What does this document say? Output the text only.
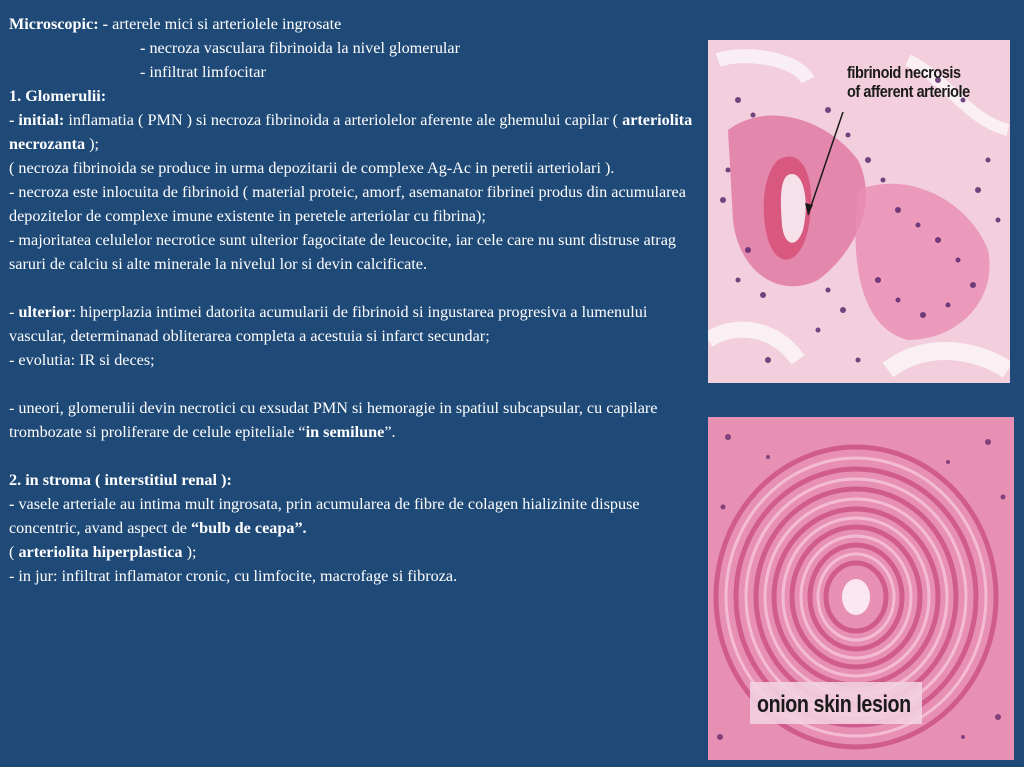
Microscopic: - arterele mici si arteriolele ingrosate

- necroza vasculara fibrinoida la nivel glomerular

- infiltrat limfocitar

1. Glomerulii:

- initial: inflamatia ( PMN ) si necroza fibrinoida a arteriolelor aferente ale ghemului capilar ( arteriolita necrozanta );

( necroza fibrinoida se produce in urma depozitarii de complexe Ag-Ac in peretii arteriolari ).

- necroza este inlocuita de fibrinoid ( material proteic, amorf, asemanator fibrinei produs din acumularea depozitelor de complexe imune existente in peretele arteriolar cu fibrina);

- majoritatea celulelor necrotice sunt ulterior fagocitate de leucocite, iar cele care nu sunt distruse atrag saruri de calciu si alte minerale la nivelul lor si devin calcificate.

- ulterior: hiperplazia intimei datorita acumularii de fibrinoid si ingustarea progresiva a lumenului vascular, determinanad obliterarea completa a acestuia si infarct secundar;

- evolutia: IR si deces;

- uneori, glomerulii devin necrotici cu exsudat PMN si hemoragie in spatiul subcapsular, cu capilare trombozate si proliferare de celule epiteliale “in semilune”.

2. in stroma ( interstitiul renal ):

- vasele arteriale au intima mult ingrosata, prin acumularea de fibre de colagen hializinite dispuse concentric, avand aspect de “bulb de ceapa”.

( arteriolita hiperplastica );

- in jur: infiltrat inflamator cronic, cu limfocite, macrofage si fibroza.

fibrinoid necrosis
of afferent arteriole
onion skin lesion
